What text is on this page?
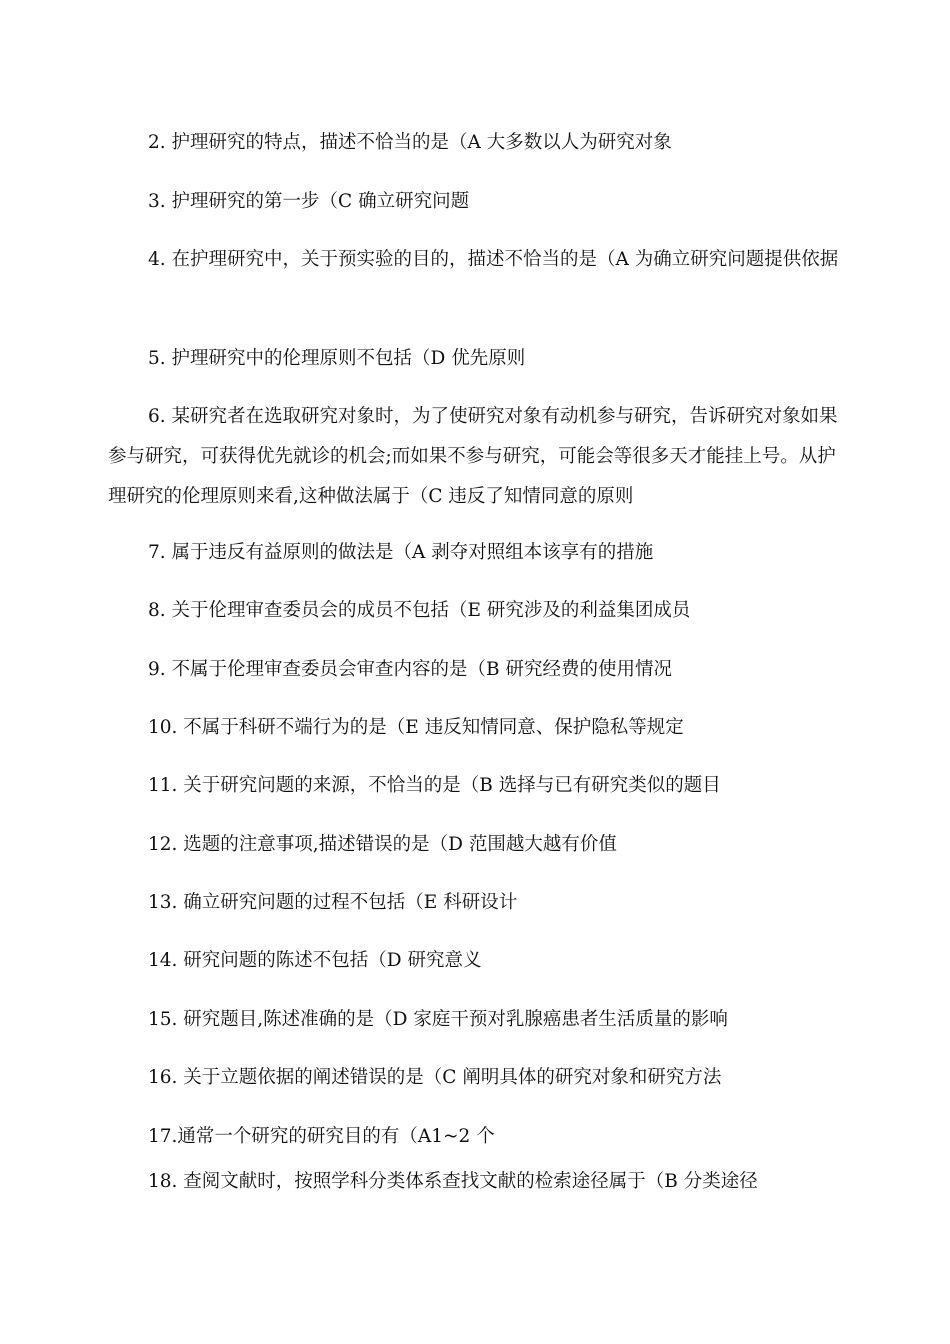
2. 护理研究的特点，描述不恰当的是（A 大多数以人为研究对象

3. 护理研究的第一步（C 确立研究问题

4. 在护理研究中，关于预实验的目的，描述不恰当的是（A 为确立研究问题提供依据

5. 护理研究中的伦理原则不包括（D 优先原则

6. 某研究者在选取研究对象时，为了使研究对象有动机参与研究，告诉研究对象如果参与研究，可获得优先就诊的机会;而如果不参与研究，可能会等很多天才能挂上号。从护理研究的伦理原则来看,这种做法属于（C 违反了知情同意的原则

7. 属于违反有益原则的做法是（A 剥夺对照组本该享有的措施

8. 关于伦理审查委员会的成员不包括（E 研究涉及的利益集团成员

9. 不属于伦理审查委员会审查内容的是（B 研究经费的使用情况

10. 不属于科研不端行为的是（E 违反知情同意、保护隐私等规定

11. 关于研究问题的来源，不恰当的是（B 选择与已有研究类似的题目

12. 选题的注意事项,描述错误的是（D 范围越大越有价值

13. 确立研究问题的过程不包括（E 科研设计

14. 研究问题的陈述不包括（D 研究意义

15. 研究题目,陈述准确的是（D 家庭干预对乳腺癌患者生活质量的影响

16. 关于立题依据的阐述错误的是（C 阐明具体的研究对象和研究方法

17.通常一个研究的研究目的有（A1~2 个

18. 查阅文献时，按照学科分类体系查找文献的检索途径属于（B 分类途径
